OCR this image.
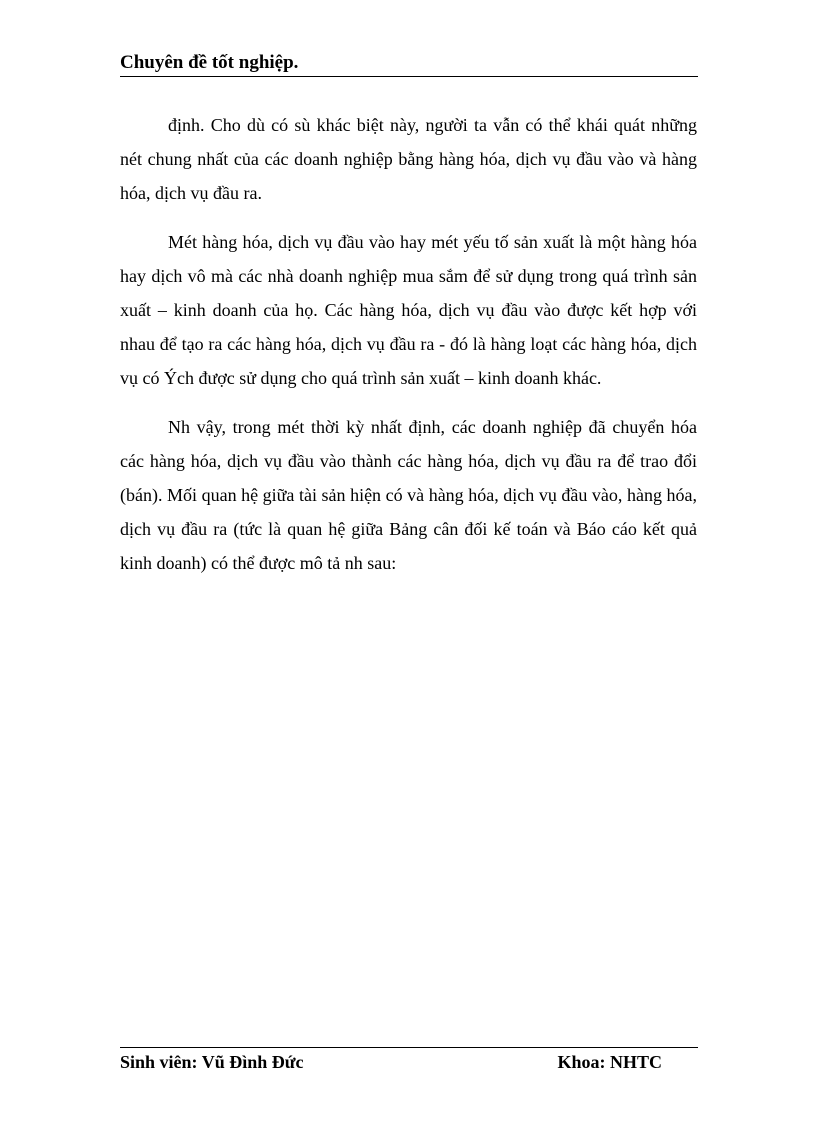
Chuyên đề tốt nghiệp.

định. Cho dù có sù khác biệt này, người ta vẫn có thể khái quát những nét chung nhất của các doanh nghiệp bằng hàng hóa, dịch vụ đầu vào và hàng hóa, dịch vụ đầu ra.

Mét hàng hóa, dịch vụ đầu vào hay mét yếu tố sản xuất là một hàng hóa hay dịch vô mà các nhà doanh nghiệp mua sắm để sử dụng trong quá trình sản xuất – kinh doanh của họ. Các hàng hóa, dịch vụ đầu vào được kết hợp với nhau để tạo ra các hàng hóa, dịch vụ đầu ra - đó là hàng loạt các hàng hóa, dịch vụ có Ých được sử dụng cho quá trình sản xuất – kinh doanh khác.

Nh vậy, trong mét thời kỳ nhất định, các doanh nghiệp đã chuyển hóa các hàng hóa, dịch vụ đầu vào thành các hàng hóa, dịch vụ đầu ra để trao đổi (bán). Mối quan hệ giữa tài sản hiện có và hàng hóa, dịch vụ đầu vào, hàng hóa, dịch vụ đầu ra (tức là quan hệ giữa Bảng cân đối kế toán và Báo cáo kết quả kinh doanh) có thể được mô tả nh sau:

Sinh viên: Vũ Đình Đức	Khoa: NHTC
